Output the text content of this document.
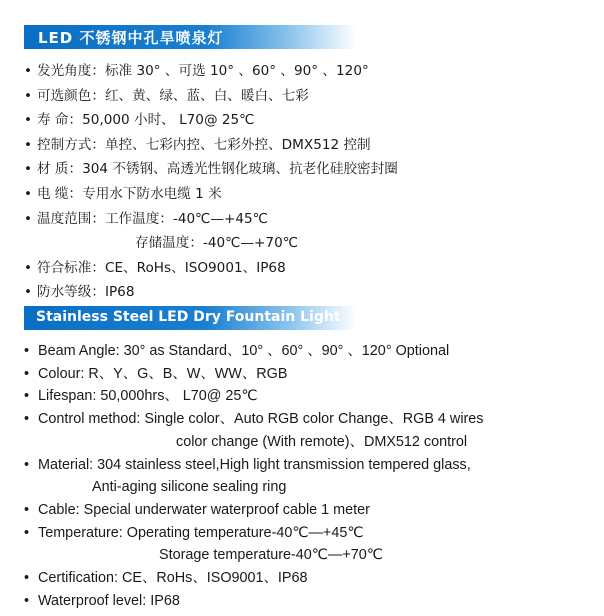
LED 不锈钢中孔旱喷泉灯
• 发光角度：标准 30° 、可选 10° 、60° 、90° 、120°
• 可选颜色：红、黄、绿、蓝、白、暖白、七彩
• 寿 命：50,000 小时、 L70@ 25℃
• 控制方式：单控、七彩内控、七彩外控、DMX512 控制
• 材 质：304 不锈钢、高透光性钢化玻璃、抗老化硅胶密封圈
• 电 缆：专用水下防水电缆 1 米
• 温度范围：工作温度：-40℃—+45℃
存储温度：-40℃—+70℃
• 符合标准：CE、RoHs、ISO9001、IP68
• 防水等级：IP68
Stainless Steel LED Dry Fountain Light
• Beam Angle: 30° as Standard、10° 、60° 、90° 、120° Optional
• Colour: R、Y、G、B、W、WW、RGB
• Lifespan: 50,000hrs、 L70@ 25℃
• Control method: Single color、Auto RGB color Change、RGB 4 wires
color change (With remote)、DMX512 control
• Material: 304 stainless steel,High light transmission tempered glass,
Anti-aging silicone sealing ring
• Cable: Special underwater waterproof cable 1 meter
• Temperature: Operating temperature-40℃—+45℃
Storage temperature-40℃—+70℃
• Certification: CE、RoHs、ISO9001、IP68
• Waterproof level: IP68
